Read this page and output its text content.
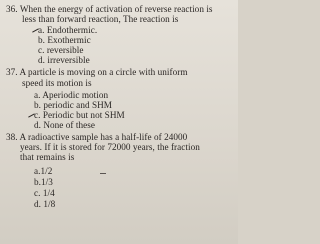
36. When the energy of activation of reverse reaction is
less than forward reaction, The reaction is
a. Endothermic.
b. Exothermic
c. reversible
d. irreversible
37. A particle is moving on a circle with uniform
speed its motion is
a. Aperiodic motion
b. periodic and SHM
c. Periodic but not SHM
d. None of these
38. A radioactive sample has a half-life of 24000
years. If it is stored for 72000 years, the fraction
that remains is
a.1/2
b.1/3
c. 1/4
d. 1/8
